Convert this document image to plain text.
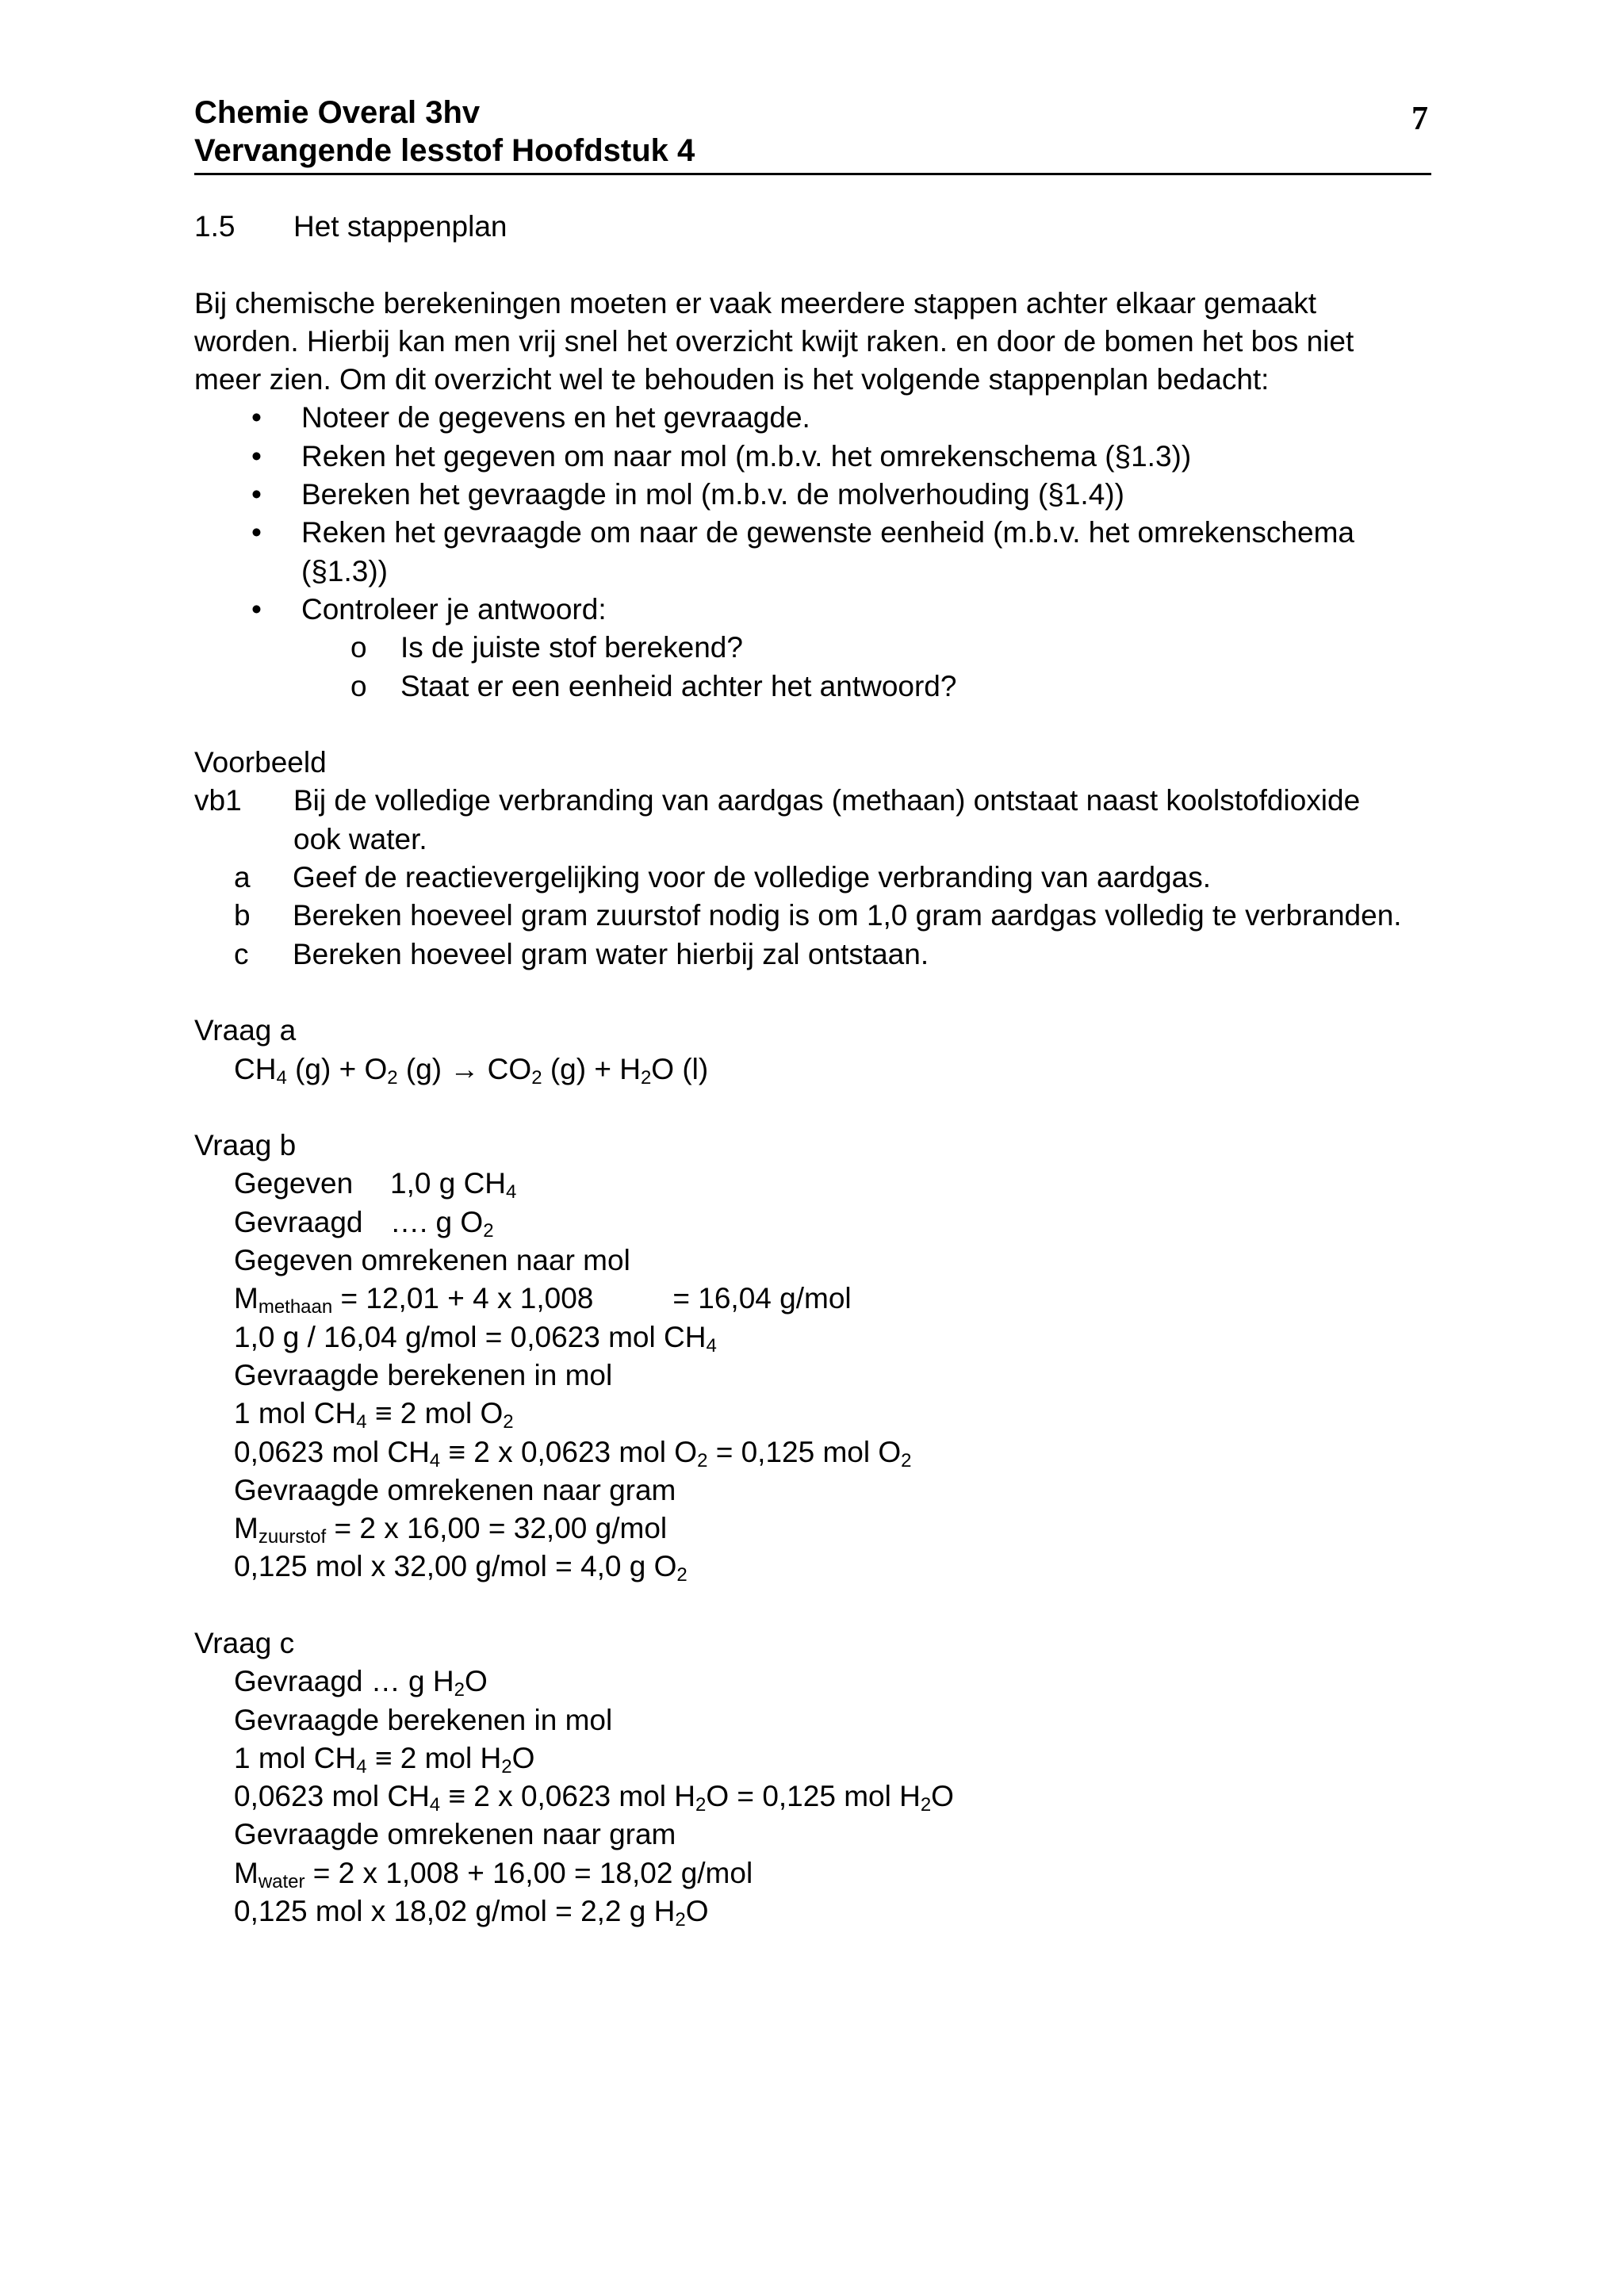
Chemie Overal 3hv
Vervangende lesstof Hoofdstuk 4
7
1.5 Het stappenplan
Bij chemische berekeningen moeten er vaak meerdere stappen achter elkaar gemaakt
worden. Hierbij kan men vrij snel het overzicht kwijt raken. en door de bomen het bos niet
meer zien. Om dit overzicht wel te behouden is het volgende stappenplan bedacht:
• Noteer de gegevens en het gevraagde.
• Reken het gegeven om naar mol (m.b.v. het omrekenschema (§1.3))
• Bereken het gevraagde in mol (m.b.v. de molverhouding (§1.4))
• Reken het gevraagde om naar de gewenste eenheid (m.b.v. het omrekenschema (§1.3))
• Controleer je antwoord:
o Is de juiste stof berekend?
o Staat er een eenheid achter het antwoord?
Voorbeeld
vb1 Bij de volledige verbranding van aardgas (methaan) ontstaat naast koolstofdioxide
ook water.
a Geef de reactievergelijking voor de volledige verbranding van aardgas.
b Bereken hoeveel gram zuurstof nodig is om 1,0 gram aardgas volledig te verbranden.
c Bereken hoeveel gram water hierbij zal ontstaan.
Vraag a
$CH_4$ $(g) + O_2$ $(g) \to CO_2$ $(g) + H_2O$ (l)
Vraag b
Gegeven 1,0 g $CH_4$
Gevraagd …. g $O_2$
Gegeven omrekenen naar mol
$M_{methaan} = 12,01 + 4$ x 1,008	= 16,04 g/mol
1,0 g / 16,04 g/mol = 0,0623 mol $CH_4$
Gevraagde berekenen in mol
1 mol $CH_4 \equiv 2$ mol $O_2$
0,0623 mol $CH_4 \equiv 2$ x 0,0623 mol $O_2 = 0,125$ mol $O_2$
Gevraagde omrekenen naar gram
$M_{zuurstof} = 2$ x 16,00 = 32,00 g/mol
0,125 mol x 32,00 g/mol = 4,0 g $O_2$
Vraag c
Gevraagd … g $H_2O$
Gevraagde berekenen in mol
1 mol $CH_4 \equiv 2$ mol $H_2O$
0,0623 mol $CH_4 \equiv 2$ x 0,0623 mol $H_2O = 0,125$ mol $H_2O$
Gevraagde omrekenen naar gram
$M_{water} = 2$ x 1,008 + 16,00 = 18,02 g/mol
0,125 mol x 18,02 g/mol = 2,2 g $H_2O$
